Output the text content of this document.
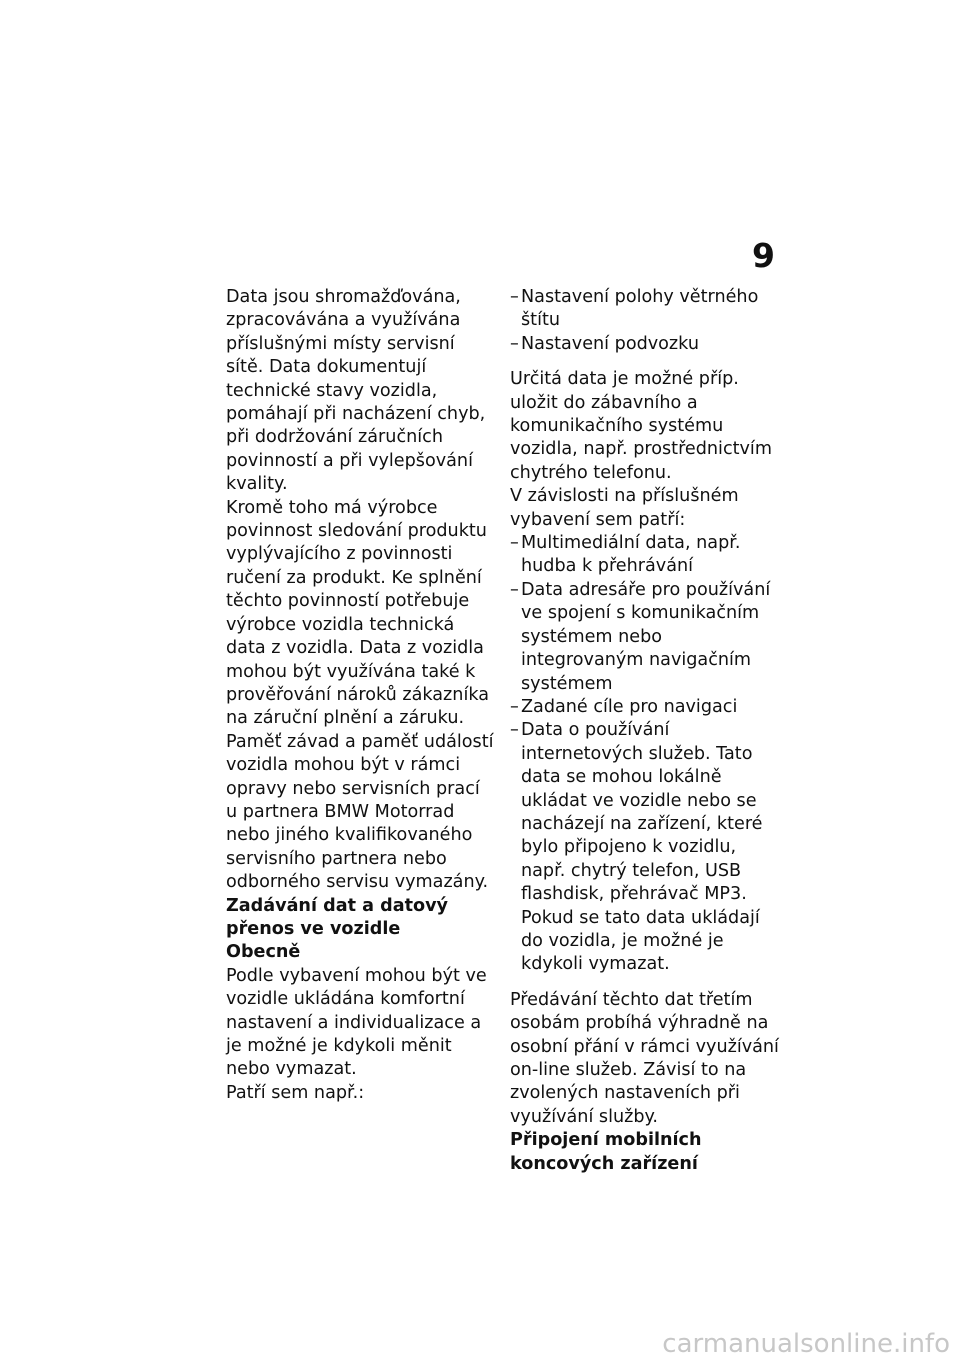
9

Data jsou shromažďována, zpracovávána a využívána příslušnými místy servisní sítě. Data dokumentují technické stavy vozidla, pomáhají při nacházení chyb, při dodržování záručních povinností a při vylepšování kvality.

Kromě toho má výrobce povinnost sledování produktu vyplývajícího z povinnosti ručení za produkt. Ke splnění těchto povinností potřebuje výrobce vozidla technická data z vozidla. Data z vozidla mohou být využívána také k prověřování nároků zákazníka na záruční plnění a záruku.

Paměť závad a paměť událostí vozidla mohou být v rámci opravy nebo servisních prací u partnera BMW Motorrad nebo jiného kvalifikovaného servisního partnera nebo odborného servisu vymazány.

Zadávání dat a datový přenos ve vozidle

Obecně

Podle vybavení mohou být ve vozidle ukládána komfortní nastavení a individualizace a je možné je kdykoli měnit nebo vymazat.

Patří sem např.:

– Nastavení polohy větrného štítu
– Nastavení podvozku

Určitá data je možné příp. uložit do zábavního a komunikačního systému vozidla, např. prostřednictvím chytrého telefonu.

V závislosti na příslušném vybavení sem patří:

– Multimediální data, např. hudba k přehrávání
– Data adresáře pro používání ve spojení s komunikačním systémem nebo integrovaným navigačním systémem
– Zadané cíle pro navigaci
– Data o používání internetových služeb. Tato data se mohou lokálně ukládat ve vozidle nebo se nacházejí na zařízení, které bylo připojeno k vozidlu, např. chytrý telefon, USB flashdisk, přehrávač MP3. Pokud se tato data ukládají do vozidla, je možné je kdykoli vymazat.

Předávání těchto dat třetím osobám probíhá výhradně na osobní přání v rámci využívání on-line služeb. Závisí to na zvolených nastaveních při využívání služby.

Připojení mobilních koncových zařízení

carmanualsonline.info
